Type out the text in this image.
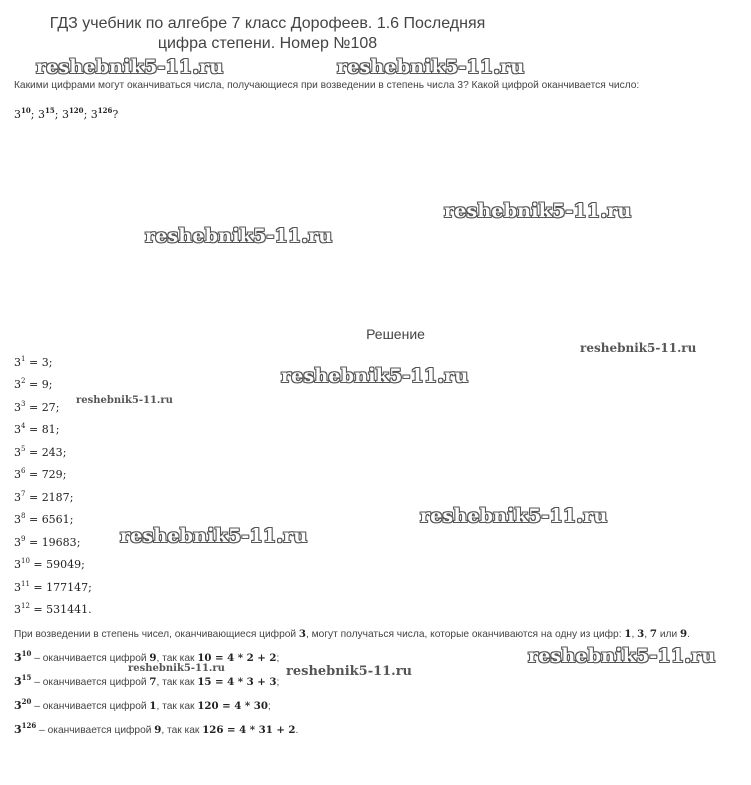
ГДЗ учебник по алгебре 7 класс Дорофеев. 1.6 Последняя
цифра степени. Номер №108
Какими цифрами могут оканчиваться числа, получающиеся при возведении в степень числа 3? Какой цифрой оканчивается число:
$3^{10}$; $3^{15}$; $3^{120}$; $3^{126}$?
Решение
$3^1 = 3$;
$3^2 = 9$;
$3^3 = 27$;
$3^4 = 81$;
$3^5 = 243$;
$3^6 = 729$;
$3^7 = 2187$;
$3^8 = 6561$;
$3^9 = 19683$;
$3^{10} = 59049$;
$3^{11} = 177147$;
$3^{12} = 531441$.
При возведении в степень чисел, оканчивающиеся цифрой 3, могут получаться числа, которые оканчиваются на одну из цифр: 1, 3, 7 или 9.
$3^{10}$ – оканчивается цифрой 9, так как 10 = 4 * 2 + 2;
$3^{15}$ – оканчивается цифрой 7, так как 15 = 4 * 3 + 3;
$3^{20}$ – оканчивается цифрой 1, так как 120 = 4 * 30;
$3^{126}$ – оканчивается цифрой 9, так как 126 = 4 * 31 + 2.
reshebnik5-11.ru	reshebnik5-11.ru
reshebnik5-11.ru
reshebnik5-11.ru
reshebnik5-11.ru
reshebnik5-11.ru
reshebnik5-11.ru
reshebnik5-11.ru
reshebnik5-11.ru
reshebnik5-11.ru	reshebnik5-11.ru
reshebnik5-11.ru
